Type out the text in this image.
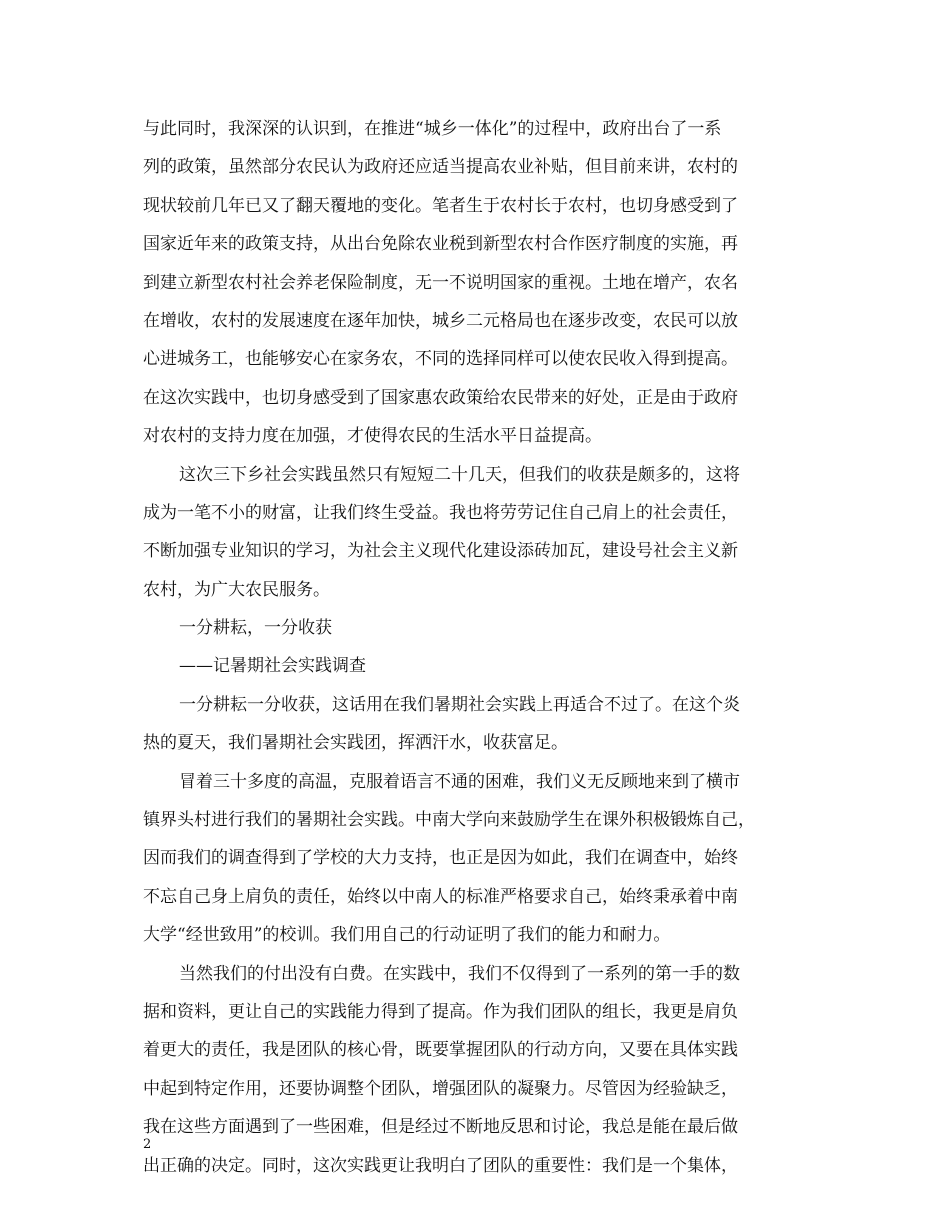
与此同时，我深深的认识到，在推进“城乡一体化”的过程中，政府出台了一系
列的政策，虽然部分农民认为政府还应适当提高农业补贴，但目前来讲，农村的
现状较前几年已又了翻天覆地的变化。笔者生于农村长于农村，也切身感受到了
国家近年来的政策支持，从出台免除农业税到新型农村合作医疗制度的实施，再
到建立新型农村社会养老保险制度，无一不说明国家的重视。土地在增产，农名
在增收，农村的发展速度在逐年加快，城乡二元格局也在逐步改变，农民可以放
心进城务工，也能够安心在家务农，不同的选择同样可以使农民收入得到提高。
在这次实践中，也切身感受到了国家惠农政策给农民带来的好处，正是由于政府
对农村的支持力度在加强，才使得农民的生活水平日益提高。
这次三下乡社会实践虽然只有短短二十几天，但我们的收获是颇多的，这将
成为一笔不小的财富，让我们终生受益。我也将劳劳记住自己肩上的社会责任，
不断加强专业知识的学习，为社会主义现代化建设添砖加瓦，建设号社会主义新
农村，为广大农民服务。
一分耕耘，一分收获
——记暑期社会实践调查
一分耕耘一分收获，这话用在我们暑期社会实践上再适合不过了。在这个炎
热的夏天，我们暑期社会实践团，挥洒汗水，收获富足。
冒着三十多度的高温，克服着语言不通的困难，我们义无反顾地来到了横市
镇界头村进行我们的暑期社会实践。中南大学向来鼓励学生在课外积极锻炼自己，
因而我们的调查得到了学校的大力支持，也正是因为如此，我们在调查中，始终
不忘自己身上肩负的责任，始终以中南人的标准严格要求自己，始终秉承着中南
大学“经世致用”的校训。我们用自己的行动证明了我们的能力和耐力。
当然我们的付出没有白费。在实践中，我们不仅得到了一系列的第一手的数
据和资料，更让自己的实践能力得到了提高。作为我们团队的组长，我更是肩负
着更大的责任，我是团队的核心骨，既要掌握团队的行动方向，又要在具体实践
中起到特定作用，还要协调整个团队，增强团队的凝聚力。尽管因为经验缺乏，
我在这些方面遇到了一些困难，但是经过不断地反思和讨论，我总是能在最后做
出正确的决定。同时，这次实践更让我明白了团队的重要性：我们是一个集体，
2
